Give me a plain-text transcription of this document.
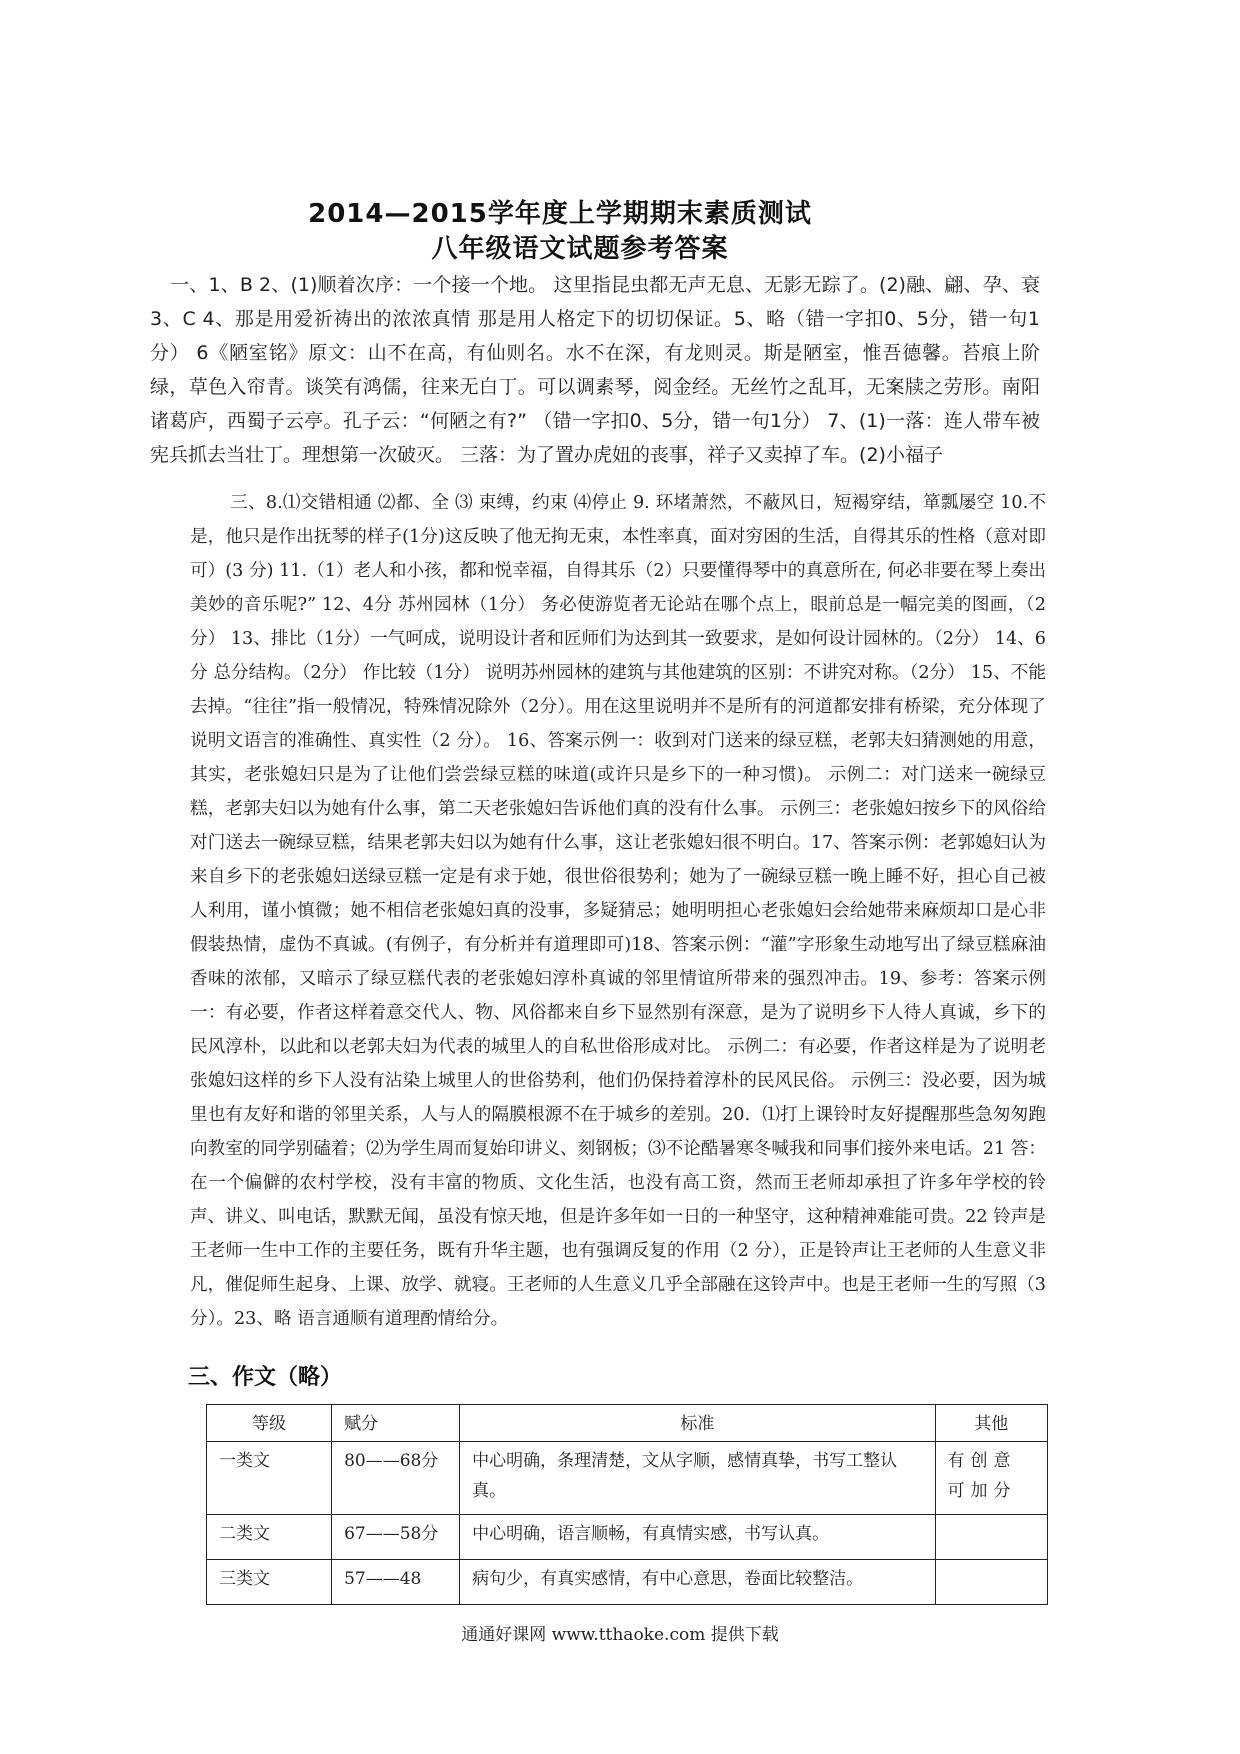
2014—2015学年度上学期期末素质测试
八年级语文试题参考答案
一、1、B 2、(1)顺着次序：一个接一个地。 这里指昆虫都无声无息、无影无踪了。(2)融、翩、孕、衰 3、C 4、那是用爱祈祷出的浓浓真情 那是用人格定下的切切保证。5、略（错一字扣0、5分，错一句1分） 6《陋室铭》原文：山不在高，有仙则名。水不在深，有龙则灵。斯是陋室，惟吾德馨。苔痕上阶绿，草色入帘青。谈笑有鸿儒，往来无白丁。可以调素琴，阅金经。无丝竹之乱耳，无案牍之劳形。南阳诸葛庐，西蜀子云亭。孔子云：“何陋之有?” （错一字扣0、5分，错一句1分） 7、(1)一落：连人带车被宪兵抓去当壮丁。理想第一次破灭。 三落：为了置办虎妞的丧事，祥子又卖掉了车。(2)小福子
三、8.⑴交错相通 ⑵都、全 ⑶ 束缚，约束 ⑷停止 9. 环堵萧然，不蔽风日，短褐穿结，箪瓢屡空 10.不是，他只是作出抚琴的样子(1分)这反映了他无拘无束，本性率真，面对穷困的生活，自得其乐的性格（意对即可）(3 分) 11.（1）老人和小孩，都和悦幸福，自得其乐（2）只要懂得琴中的真意所在, 何必非要在琴上奏出美妙的音乐呢?” 12、4分 苏州园林（1分） 务必使游览者无论站在哪个点上，眼前总是一幅完美的图画，（2分） 13、排比（1分）一气呵成，说明设计者和匠师们为达到其一致要求，是如何设计园林的。（2分） 14、6分 总分结构。（2分） 作比较（1分） 说明苏州园林的建筑与其他建筑的区别：不讲究对称。（2分） 15、不能去掉。“往往”指一般情况，特殊情况除外（2分）。用在这里说明并不是所有的河道都安排有桥梁，充分体现了说明文语言的准确性、真实性（2 分）。 16、答案示例一：收到对门送来的绿豆糕，老郭夫妇猜测她的用意，其实，老张媳妇只是为了让他们尝尝绿豆糕的味道(或许只是乡下的一种习惯)。 示例二：对门送来一碗绿豆糕，老郭夫妇以为她有什么事，第二天老张媳妇告诉他们真的没有什么事。 示例三：老张媳妇按乡下的风俗给对门送去一碗绿豆糕，结果老郭夫妇以为她有什么事，这让老张媳妇很不明白。17、答案示例：老郭媳妇认为来自乡下的老张媳妇送绿豆糕一定是有求于她，很世俗很势利；她为了一碗绿豆糕一晚上睡不好，担心自己被人利用，谨小慎微；她不相信老张媳妇真的没事，多疑猜忌；她明明担心老张媳妇会给她带来麻烦却口是心非假装热情，虚伪不真诚。(有例子，有分析并有道理即可)18、答案示例：“灌”字形象生动地写出了绿豆糕麻油香味的浓郁，又暗示了绿豆糕代表的老张媳妇淳朴真诚的邻里情谊所带来的强烈冲击。19、参考：答案示例一：有必要，作者这样着意交代人、物、风俗都来自乡下显然别有深意，是为了说明乡下人待人真诚，乡下的民风淳朴，以此和以老郭夫妇为代表的城里人的自私世俗形成对比。 示例二：有必要，作者这样是为了说明老张媳妇这样的乡下人没有沾染上城里人的世俗势利，他们仍保持着淳朴的民风民俗。 示例三：没必要，因为城里也有友好和谐的邻里关系，人与人的隔膜根源不在于城乡的差别。20．⑴打上课铃时友好提醒那些急匆匆跑向教室的同学别磕着；⑵为学生周而复始印讲义、刻钢板；⑶不论酷暑寒冬喊我和同事们接外来电话。21 答：在一个偏僻的农村学校，没有丰富的物质、文化生活，也没有高工资，然而王老师却承担了许多年学校的铃声、讲义、叫电话，默默无闻，虽没有惊天地，但是许多年如一日的一种坚守，这种精神难能可贵。22 铃声是王老师一生中工作的主要任务，既有升华主题，也有强调反复的作用（2 分），正是铃声让王老师的人生意义非凡，催促师生起身、上课、放学、就寝。王老师的人生意义几乎全部融在这铃声中。也是王老师一生的写照（3分）。23、略 语言通顺有道理酌情给分。
三、作文（略）
等级	赋分	标准	其他
一类文	80——68分	中心明确，条理清楚，文从字顺，感情真挚，书写工整认真。	有创意可加分
二类文	67——58分	中心明确，语言顺畅，有真情实感，书写认真。	
三类文	57——48	病句少，有真实感情，有中心意思，卷面比较整洁。	
通通好课网 www.tthaoke.com 提供下载
